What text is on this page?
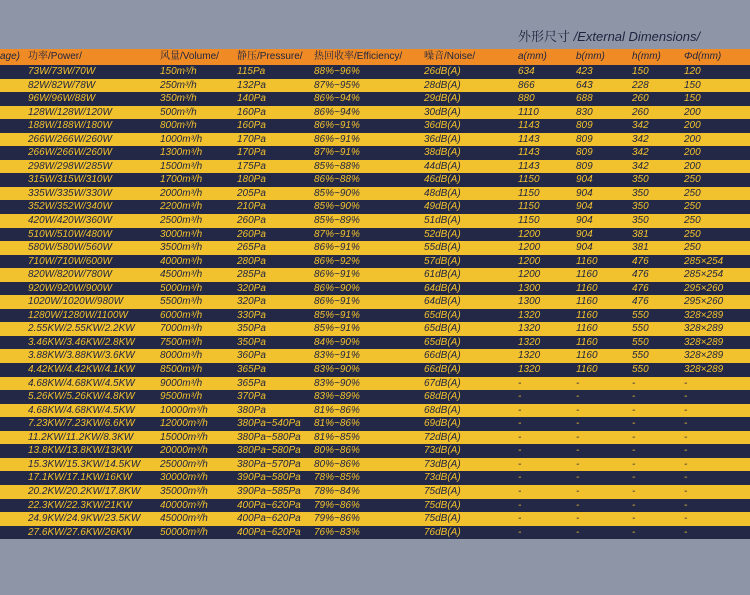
外形尺寸 /External Dimensions/
age) 功率/Power/	风量/Volume/ 静压/Pressure/ 热回收率/Efficiency/ 噪音/Noise/	a(mm)	b(mm)	h(mm) Φd(mm)
73W/73W/70W	150m³/h	115Pa	88%~96%	26dB(A)	634	423	150	120
82W/82W/78W	250m³/h	132Pa	87%~95%	28dB(A)	866	643	228	150
96W/96W/88W	350m³/h	140Pa	86%~94%	29dB(A)	880	688	260	150
128W/128W/120W	500m³/h	160Pa	86%~94%	30dB(A)	1110	830	260	200
188W/188W/180W	800m³/h	160Pa	86%~91%	36dB(A)	1143	809	342	200
266W/266W/260W	1000m³/h	170Pa	86%~91%	36dB(A)	1143	809	342	200
266W/266W/260W	1300m³/h	170Pa	87%~91%	38dB(A)	1143	809	342	200
298W/298W/285W	1500m³/h	175Pa	85%~88%	44dB(A)	1143	809	342	200
315W/315W/310W	1700m³/h	180Pa	86%~88%	46dB(A)	1150	904	350	250
335W/335W/330W	2000m³/h	205Pa	85%~90%	48dB(A)	1150	904	350	250
352W/352W/340W	2200m³/h	210Pa	85%~90%	49dB(A)	1150	904	350	250
420W/420W/360W	2500m³/h	260Pa	85%~89%	51dB(A)	1150	904	350	250
510W/510W/480W	3000m³/h	260Pa	87%~91%	52dB(A)	1200	904	381	250
580W/580W/560W	3500m³/h	265Pa	86%~91%	55dB(A)	1200	904	381	250
710W/710W/600W	4000m³/h	280Pa	86%~92%	57dB(A)	1200	1160	476	285×254
820W/820W/780W	4500m³/h	285Pa	86%~91%	61dB(A)	1200	1160	476	285×254
920W/920W/900W	5000m³/h	320Pa	86%~90%	64dB(A)	1300	1160	476	295×260
1020W/1020W/980W	5500m³/h	320Pa	86%~91%	64dB(A)	1300	1160	476	295×260
1280W/1280W/1100W	6000m³/h	330Pa	85%~91%	65dB(A)	1320	1160	550	328×289
2.55KW/2.55KW/2.2KW	7000m³/h	350Pa	85%~91%	65dB(A)	1320	1160	550	328×289
3.46KW/3.46KW/2.8KW	7500m³/h	350Pa	84%~90%	65dB(A)	1320	1160	550	328×289
3.88KW/3.88KW/3.6KW	8000m³/h	360Pa	83%~91%	66dB(A)	1320	1160	550	328×289
4.42KW/4.42KW/4.1KW	8500m³/h	365Pa	83%~90%	66dB(A)	1320	1160	550	328×289
4.68KW/4.68KW/4.5KW	9000m³/h	365Pa	83%~90%	67dB(A)	-	-	-	-
5.26KW/5.26KW/4.8KW	9500m³/h	370Pa	83%~89%	68dB(A)	-	-	-	-
4.68KW/4.68KW/4.5KW	10000m³/h	380Pa	81%~86%	68dB(A)	-	-	-	-
7.23KW/7.23KW/6.6KW	12000m³/h	380Pa~540Pa 81%~86%	69dB(A)	-	-	-	-
11.2KW/11.2KW/8.3KW	15000m³/h	380Pa~580Pa 81%~85%	72dB(A)	-	-	-	-
13.8KW/13.8KW/13KW	20000m³/h	380Pa~580Pa 80%~86%	73dB(A)	-	-	-	-
15.3KW/15.3KW/14.5KW 25000m³/h	380Pa~570Pa 80%~86%	73dB(A)	-	-	-	-
17.1KW/17.1KW/16KW	30000m³/h	390Pa~580Pa 78%~85%	73dB(A)	-	-	-	-
20.2KW/20.2KW/17.8KW 35000m³/h	390Pa~585Pa 78%~84%	75dB(A)	-	-	-	-
22.3KW/22.3KW/21KW	40000m³/h	400Pa~620Pa 79%~86%	75dB(A)	-	-	-	-
24.9KW/24.9KW/23.5KW 45000m³/h	400Pa~620Pa 79%~86%	75dB(A)	-	-	-	-
27.6KW/27.6KW/26KW	50000m³/h	400Pa~620Pa 76%~83%	76dB(A)	-	-	-	-
